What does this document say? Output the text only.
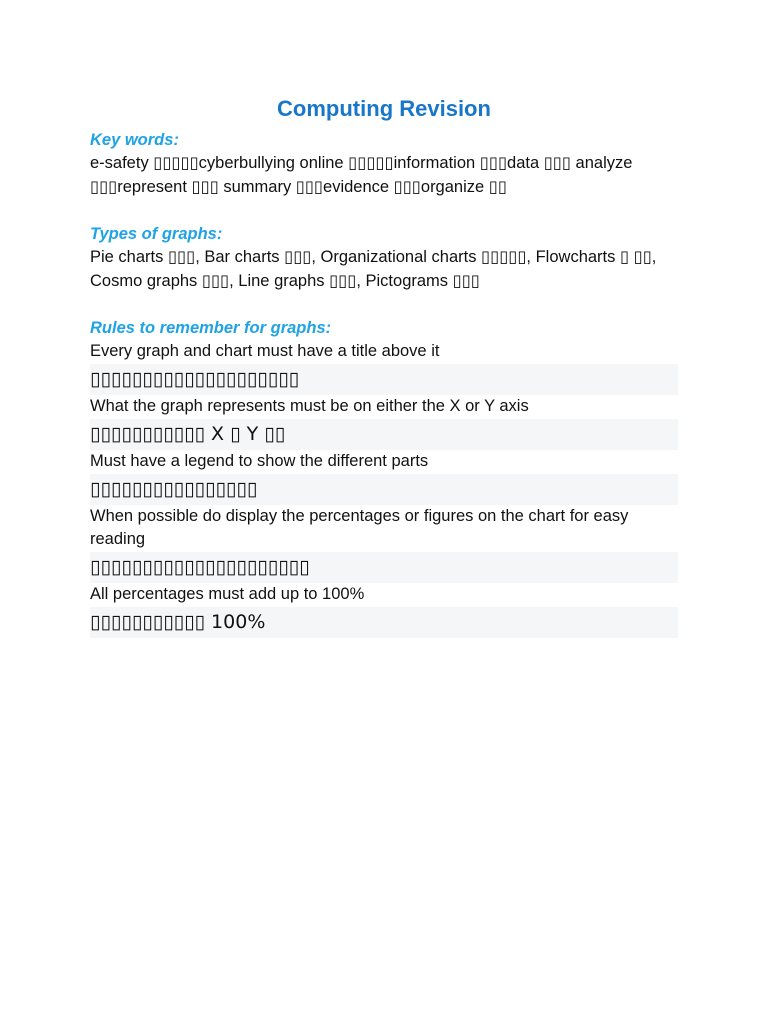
Computing Revision
Key words:
e-safety ▯▯▯▯▯cyberbullying online ▯▯▯▯▯information ▯▯▯data ▯▯▯ analyze ▯▯▯represent ▯▯▯ summary ▯▯▯evidence ▯▯▯organize ▯▯
Types of graphs:
Pie charts ▯▯▯, Bar charts ▯▯▯, Organizational charts ▯▯▯▯▯, Flowcharts ▯ ▯▯, Cosmo graphs ▯▯▯, Line graphs ▯▯▯, Pictograms ▯▯▯
Rules to remember for graphs:
Every graph and chart must have a title above it
▯▯▯▯▯▯▯▯▯▯▯▯▯▯▯▯▯▯▯▯
What the graph represents must be on either the X or Y axis
▯▯▯▯▯▯▯▯▯▯▯ X ▯ Y ▯▯
Must have a legend to show the different parts
▯▯▯▯▯▯▯▯▯▯▯▯▯▯▯▯
When possible do display the percentages or figures on the chart for easy reading
▯▯▯▯▯▯▯▯▯▯▯▯▯▯▯▯▯▯▯▯▯
All percentages must add up to 100%
▯▯▯▯▯▯▯▯▯▯▯ 100%
